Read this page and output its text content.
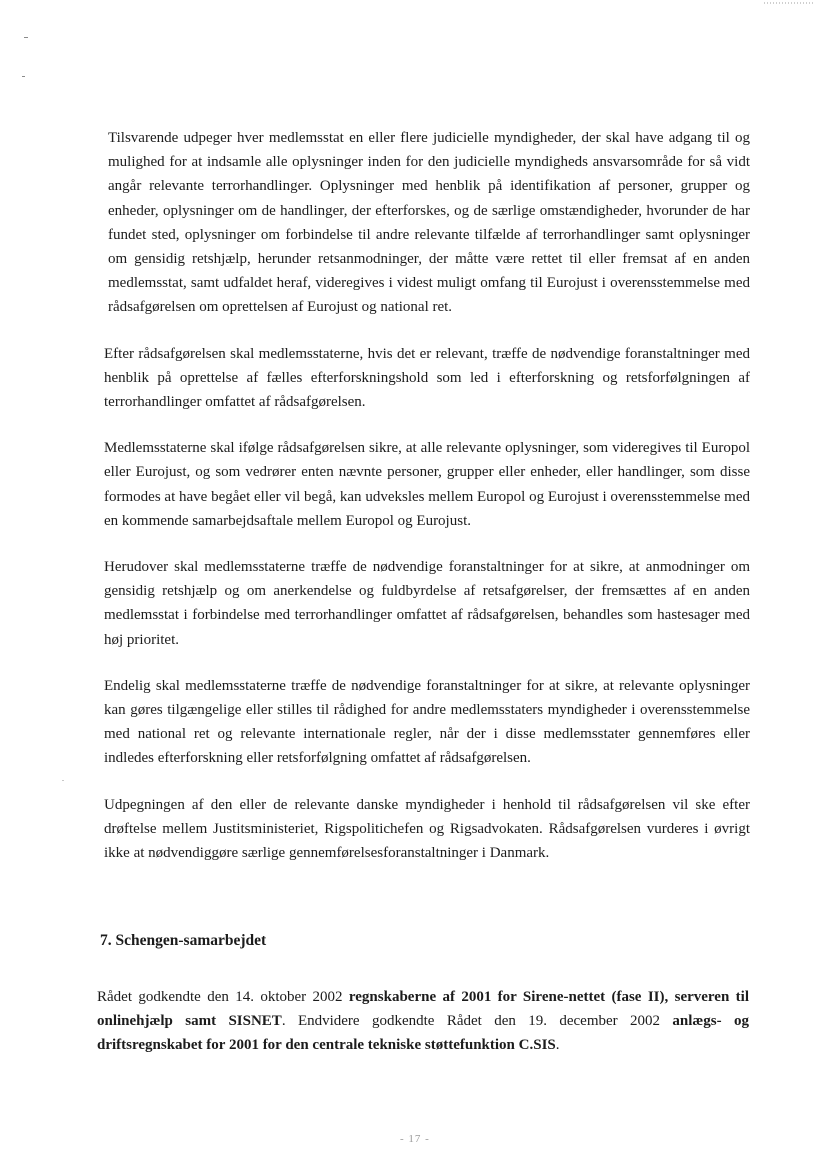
Tilsvarende udpeger hver medlemsstat en eller flere judicielle myndigheder, der skal have adgang til og mulighed for at indsamle alle oplysninger inden for den judicielle myndigheds ansvarsområde for så vidt angår relevante terrorhandlinger. Oplysninger med henblik på identifikation af personer, grupper og enheder, oplysninger om de handlinger, der efterforskes, og de særlige omstændigheder, hvorunder de har fundet sted, oplysninger om forbindelse til andre relevante tilfælde af terrorhandlinger samt oplysninger om gensidig retshjælp, herunder retsanmodninger, der måtte være rettet til eller fremsat af en anden medlemsstat, samt udfaldet heraf, videregives i videst muligt omfang til Eurojust i overensstemmelse med rådsafgørelsen om oprettelsen af Eurojust og national ret.

Efter rådsafgørelsen skal medlemsstaterne, hvis det er relevant, træffe de nødvendige foranstaltninger med henblik på oprettelse af fælles efterforskningshold som led i efterforskning og retsforfølgningen af terrorhandlinger omfattet af rådsafgørelsen.

Medlemsstaterne skal ifølge rådsafgørelsen sikre, at alle relevante oplysninger, som videregives til Europol eller Eurojust, og som vedrører enten nævnte personer, grupper eller enheder, eller handlinger, som disse formodes at have begået eller vil begå, kan udveksles mellem Europol og Eurojust i overensstemmelse med en kommende samarbejdsaftale mellem Europol og Eurojust.

Herudover skal medlemsstaterne træffe de nødvendige foranstaltninger for at sikre, at anmodninger om gensidig retshjælp og om anerkendelse og fuldbyrdelse af retsafgørelser, der fremsættes af en anden medlemsstat i forbindelse med terrorhandlinger omfattet af rådsafgørelsen, behandles som hastesager med høj prioritet.

Endelig skal medlemsstaterne træffe de nødvendige foranstaltninger for at sikre, at relevante oplysninger kan gøres tilgængelige eller stilles til rådighed for andre medlemsstaters myndigheder i overensstemmelse med national ret og relevante internationale regler, når der i disse medlemsstater gennemføres eller indledes efterforskning eller retsforfølgning omfattet af rådsafgørelsen.

Udpegningen af den eller de relevante danske myndigheder i henhold til rådsafgørelsen vil ske efter drøftelse mellem Justitsministeriet, Rigspolitichefen og Rigsadvokaten. Rådsafgørelsen vurderes i øvrigt ikke at nødvendiggøre særlige gennemførelsesforanstaltninger i Danmark.

7. Schengen-samarbejdet
Rådet godkendte den 14. oktober 2002 regnskaberne af 2001 for Sirene-nettet (fase II), serveren til onlinehjælp samt SISNET. Endvidere godkendte Rådet den 19. december 2002 anlægs- og driftsregnskabet for 2001 for den centrale tekniske støttefunktion C.SIS.
- 17 -
